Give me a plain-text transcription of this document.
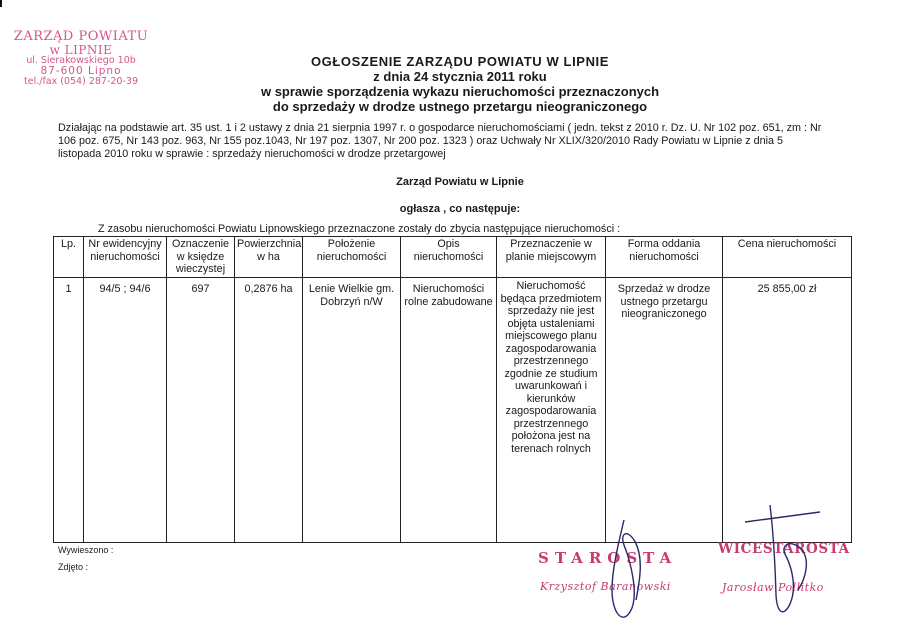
ZARZĄD POWIATU
w LIPNIE
ul. Sierakowskiego 10b
87-600 Lipno
tel./fax (054) 287-20-39
OGŁOSZENIE ZARZĄDU POWIATU W LIPNIE
z dnia 24 stycznia 2011 roku
w sprawie sporządzenia wykazu nieruchomości przeznaczonych
do sprzedaży w drodze ustnego przetargu nieograniczonego
Działając na podstawie art. 35 ust. 1 i 2 ustawy z dnia 21 sierpnia 1997 r. o gospodarce nieruchomościami ( jedn. tekst z 2010 r. Dz. U. Nr 102 poz. 651, zm : Nr 106 poz. 675, Nr 143 poz. 963, Nr 155 poz.1043, Nr 197 poz. 1307, Nr 200 poz. 1323 ) oraz Uchwały Nr XLIX/320/2010 Rady Powiatu w Lipnie z dnia 5 listopada 2010 roku w sprawie : sprzedaży nieruchomości w drodze przetargowej
Zarząd Powiatu w Lipnie
ogłasza , co następuje:
Z zasobu nieruchomości Powiatu Lipnowskiego przeznaczone zostały do zbycia następujące nieruchomości :
Lp.	Nr ewidencyjny nieruchomości	Oznaczenie w księdze wieczystej	Powierzchnia w ha	Położenie nieruchomości	Opis nieruchomości	Przeznaczenie w planie miejscowym	Forma oddania nieruchomości	Cena nieruchomości
1	94/5 ; 94/6	697	0,2876 ha	Lenie Wielkie gm. Dobrzyń n/W	Nieruchomości rolne zabudowane	Nieruchomość będąca przedmiotem sprzedaży nie jest objęta ustaleniami miejscowego planu zagospodarowania przestrzennego zgodnie ze studium uwarunkowań i kierunków zagospodarowania przestrzennego położona jest na terenach rolnych	Sprzedaż w drodze ustnego przetargu nieograniczonego	25 855,00 zł
Wywieszono :
Zdjęto :	STAROSTA
Krzysztof Baranowski
WICESTAROSTA
Jarosław Pollitko
